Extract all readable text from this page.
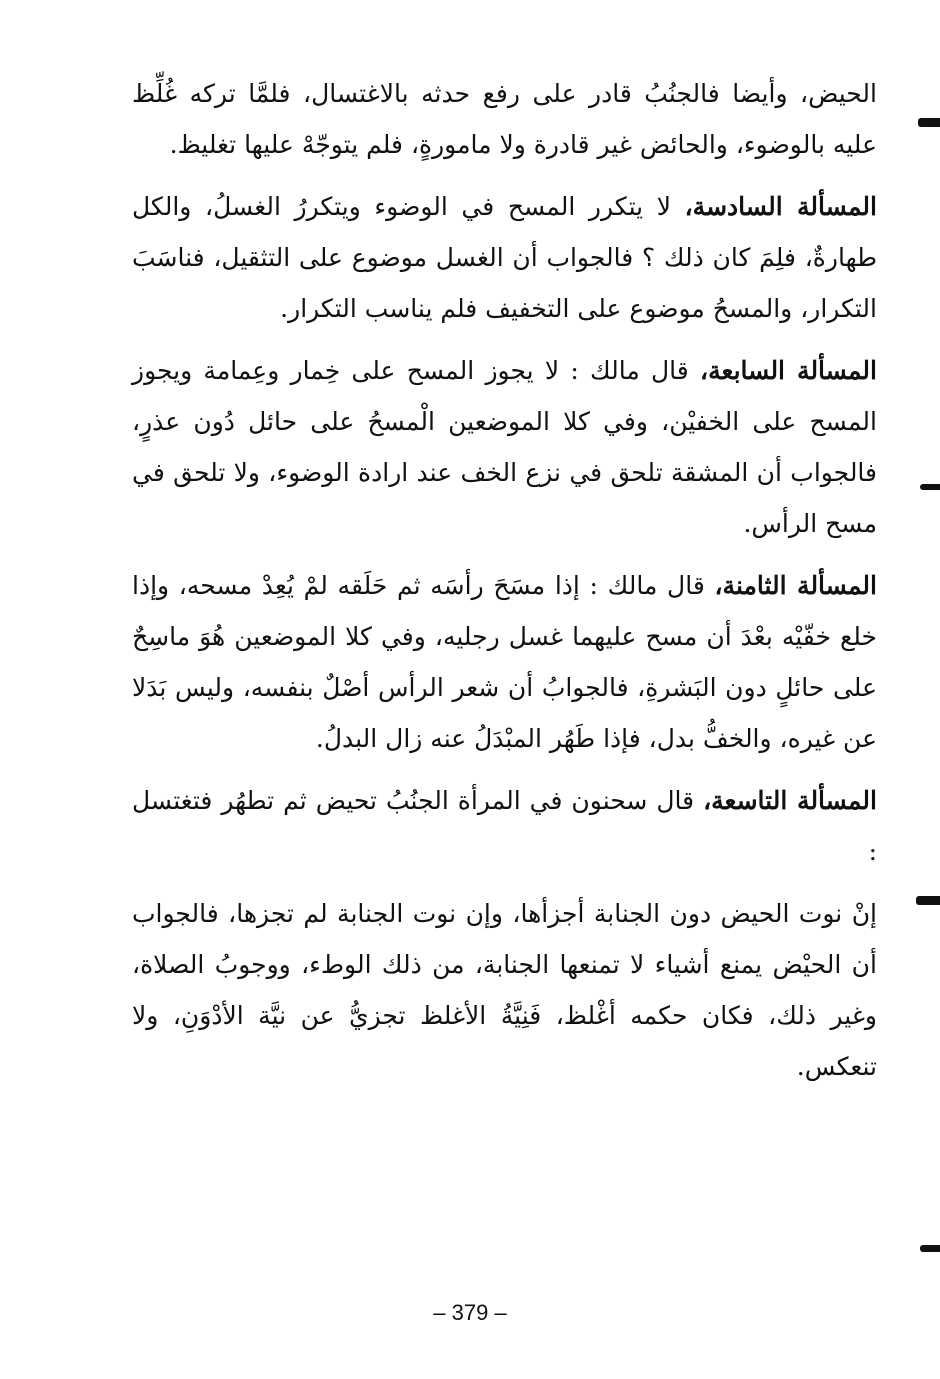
الحيض، وأيضا فالجنُبُ قادر على رفع حدثه بالاغتسال، فلمَّا تركه غُلِّظ عليه بالوضوء، والحائض غير قادرة ولا مامورةٍ، فلم يتوجّهْ عليها تغليظ.

المسألة السادسة، لا يتكرر المسح في الوضوء ويتكررُ الغسلُ، والكل طهارةٌ، فلِمَ كان ذلك ؟ فالجواب أن الغسل موضوع على التثقيل، فناسَبَ التكرار، والمسحُ موضوع على التخفيف فلم يناسب التكرار.

المسألة السابعة، قال مالك : لا يجوز المسح على خِمار وعِمامة ويجوز المسح على الخفيْن، وفي كلا الموضعين الْمسحُ على حائل دُون عذرٍ، فالجواب أن المشقة تلحق في نزع الخف عند ارادة الوضوء، ولا تلحق في مسح الرأس.

المسألة الثامنة، قال مالك : إذا مسَحَ رأسَه ثم حَلَقه لمْ يُعِدْ مسحه، وإذا خلع خفّيْه بعْدَ أن مسح عليهما غسل رجليه، وفي كلا الموضعين هُوَ ماسِحٌ على حائلٍ دون البَشرةِ، فالجوابُ أن شعر الرأس أصْلٌ بنفسه، وليس بَدَلا عن غيره، والخفُّ بدل، فإذا طَهُر المبْدَلُ عنه زال البدلُ.

المسألة التاسعة، قال سحنون في المرأة الجنُبُ تحيض ثم تطهُر فتغتسل :

إنْ نوت الحيض دون الجنابة أجزأها، وإن نوت الجنابة لم تجزها، فالجواب أن الحيْض يمنع أشياء لا تمنعها الجنابة، من ذلك الوطء، ووجوبُ الصلاة، وغير ذلك، فكان حكمه أغْلظ، فَنِيَّةُ الأغلظ تجزيُّ عن نيَّة الأدْوَنِ، ولا تنعكس.

– 379 –
